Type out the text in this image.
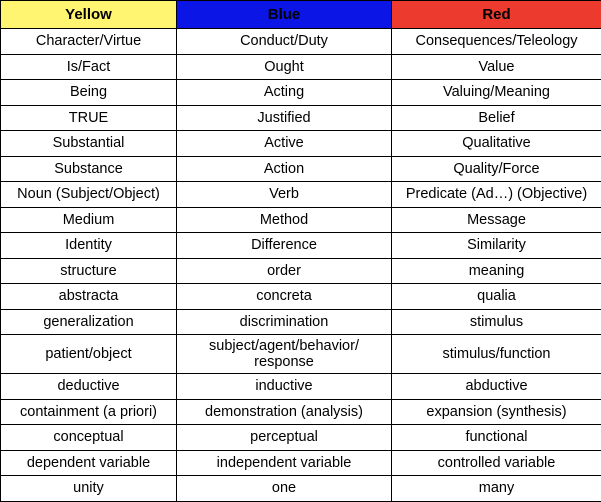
Yellow	Blue	Red
Character/Virtue	Conduct/Duty	Consequences/Teleology
Is/Fact	Ought	Value
Being	Acting	Valuing/Meaning
TRUE	Justified	Belief
Substantial	Active	Qualitative
Substance	Action	Quality/Force
Noun (Subject/Object)	Verb	Predicate (Ad…) (Objective)
Medium	Method	Message
Identity	Difference	Similarity
structure	order	meaning
abstracta	concreta	qualia
generalization	discrimination	stimulus
patient/object	subject/agent/behavior/ response	stimulus/function
deductive	inductive	abductive
containment (a priori)	demonstration (analysis)	expansion (synthesis)
conceptual	perceptual	functional
dependent variable	independent variable	controlled variable
unity	one	many
